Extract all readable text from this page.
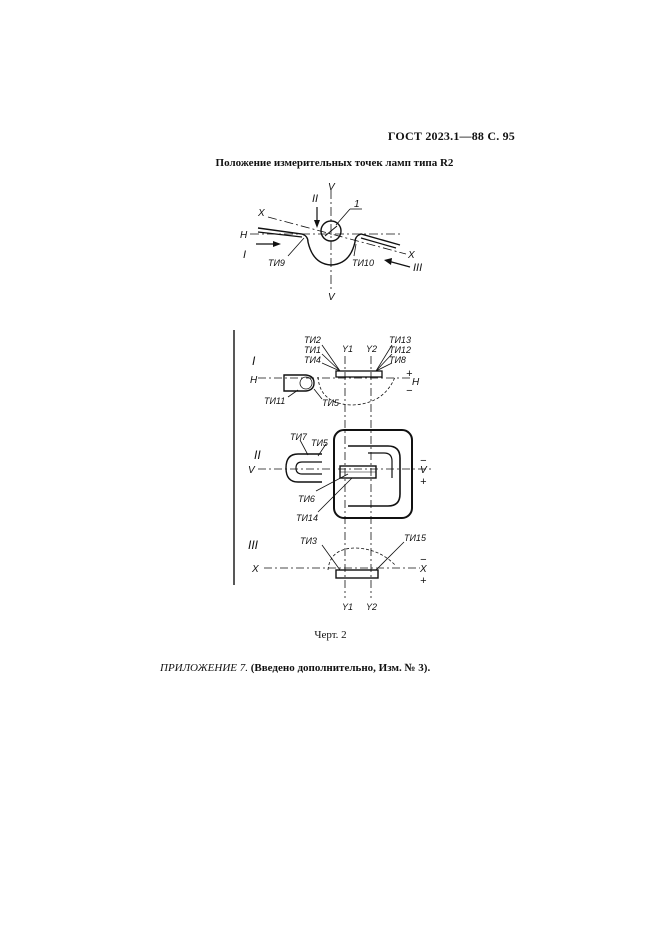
ГОСТ 2023.1—88 С. 95
Положение измерительных точек ламп типа R2
V
V
H
X
X
I
II
III
1
ТИ9	ТИ10
I
ТИ2
ТИ1
ТИ4
ТИ13
ТИ12
ТИ8
Y1 Y2
H	H
+
−
ТИ11	ТИ5
II
ТИ7
ТИ5
ТИ6
ТИ14
V	V
−
+
III	ТИ3	ТИ15
X	X
−
+
Y1 Y2
Черт. 2
ПРИЛОЖЕНИЕ 7. (Введено дополнительно, Изм. № 3).
